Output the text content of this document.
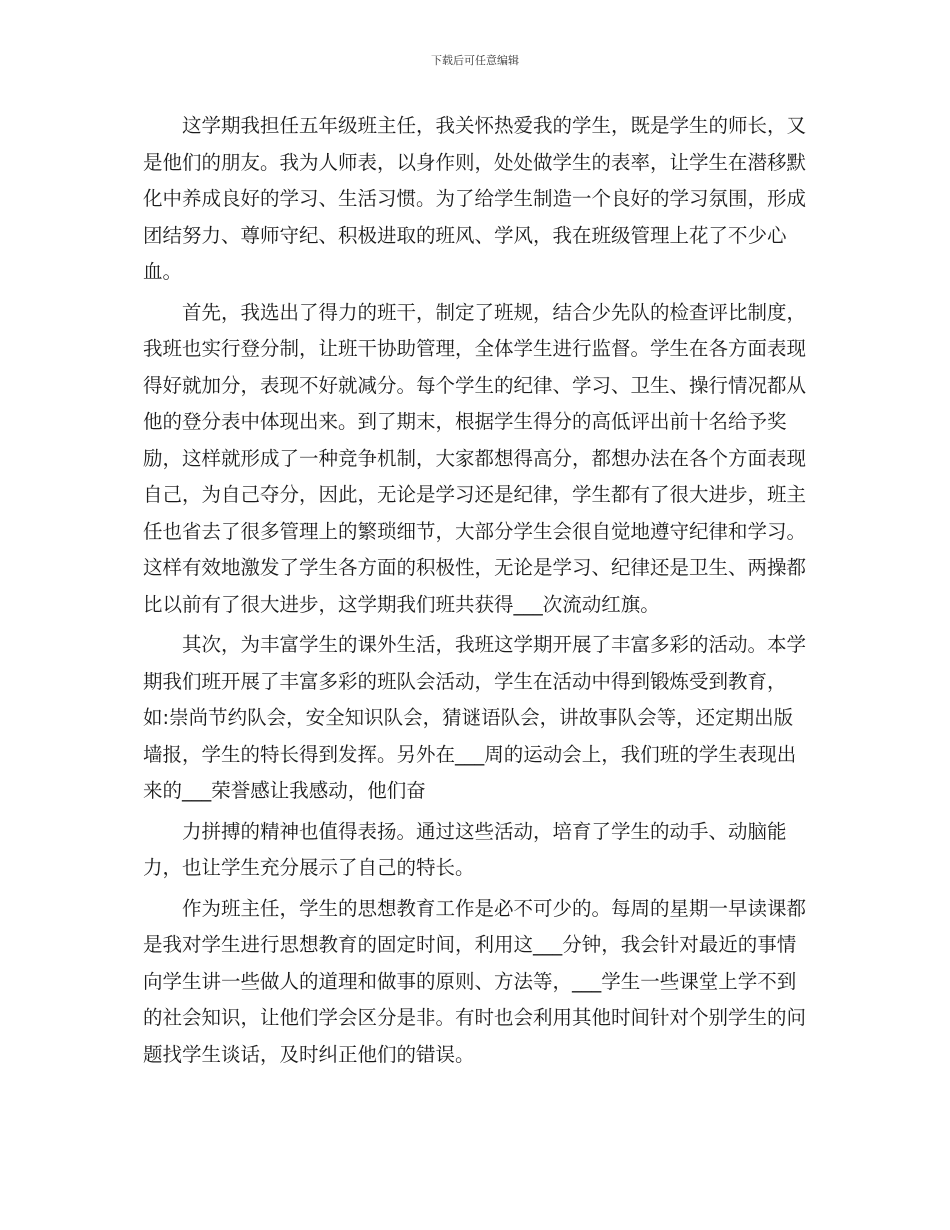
下载后可任意编辑

这学期我担任五年级班主任，我关怀热爱我的学生，既是学生的师长，又是他们的朋友。我为人师表，以身作则，处处做学生的表率，让学生在潜移默化中养成良好的学习、生活习惯。为了给学生制造一个良好的学习氛围，形成团结努力、尊师守纪、积极进取的班风、学风，我在班级管理上花了不少心血。

首先，我选出了得力的班干，制定了班规，结合少先队的检查评比制度，我班也实行登分制，让班干协助管理，全体学生进行监督。学生在各方面表现得好就加分，表现不好就减分。每个学生的纪律、学习、卫生、操行情况都从他的登分表中体现出来。到了期末，根据学生得分的高低评出前十名给予奖励，这样就形成了一种竞争机制，大家都想得高分，都想办法在各个方面表现自己，为自己夺分，因此，无论是学习还是纪律，学生都有了很大进步，班主任也省去了很多管理上的繁琐细节，大部分学生会很自觉地遵守纪律和学习。这样有效地激发了学生各方面的积极性，无论是学习、纪律还是卫生、两操都比以前有了很大进步，这学期我们班共获得___次流动红旗。

其次，为丰富学生的课外生活，我班这学期开展了丰富多彩的活动。本学期我们班开展了丰富多彩的班队会活动，学生在活动中得到锻炼受到教育，如:崇尚节约队会，安全知识队会，猜谜语队会，讲故事队会等，还定期出版墙报，学生的特长得到发挥。另外在___周的运动会上，我们班的学生表现出来的___荣誉感让我感动，他们奋

力拼搏的精神也值得表扬。通过这些活动，培育了学生的动手、动脑能力，也让学生充分展示了自己的特长。

作为班主任，学生的思想教育工作是必不可少的。每周的星期一早读课都是我对学生进行思想教育的固定时间，利用这___分钟，我会针对最近的事情向学生讲一些做人的道理和做事的原则、方法等，___学生一些课堂上学不到的社会知识，让他们学会区分是非。有时也会利用其他时间针对个别学生的问题找学生谈话，及时纠正他们的错误。
